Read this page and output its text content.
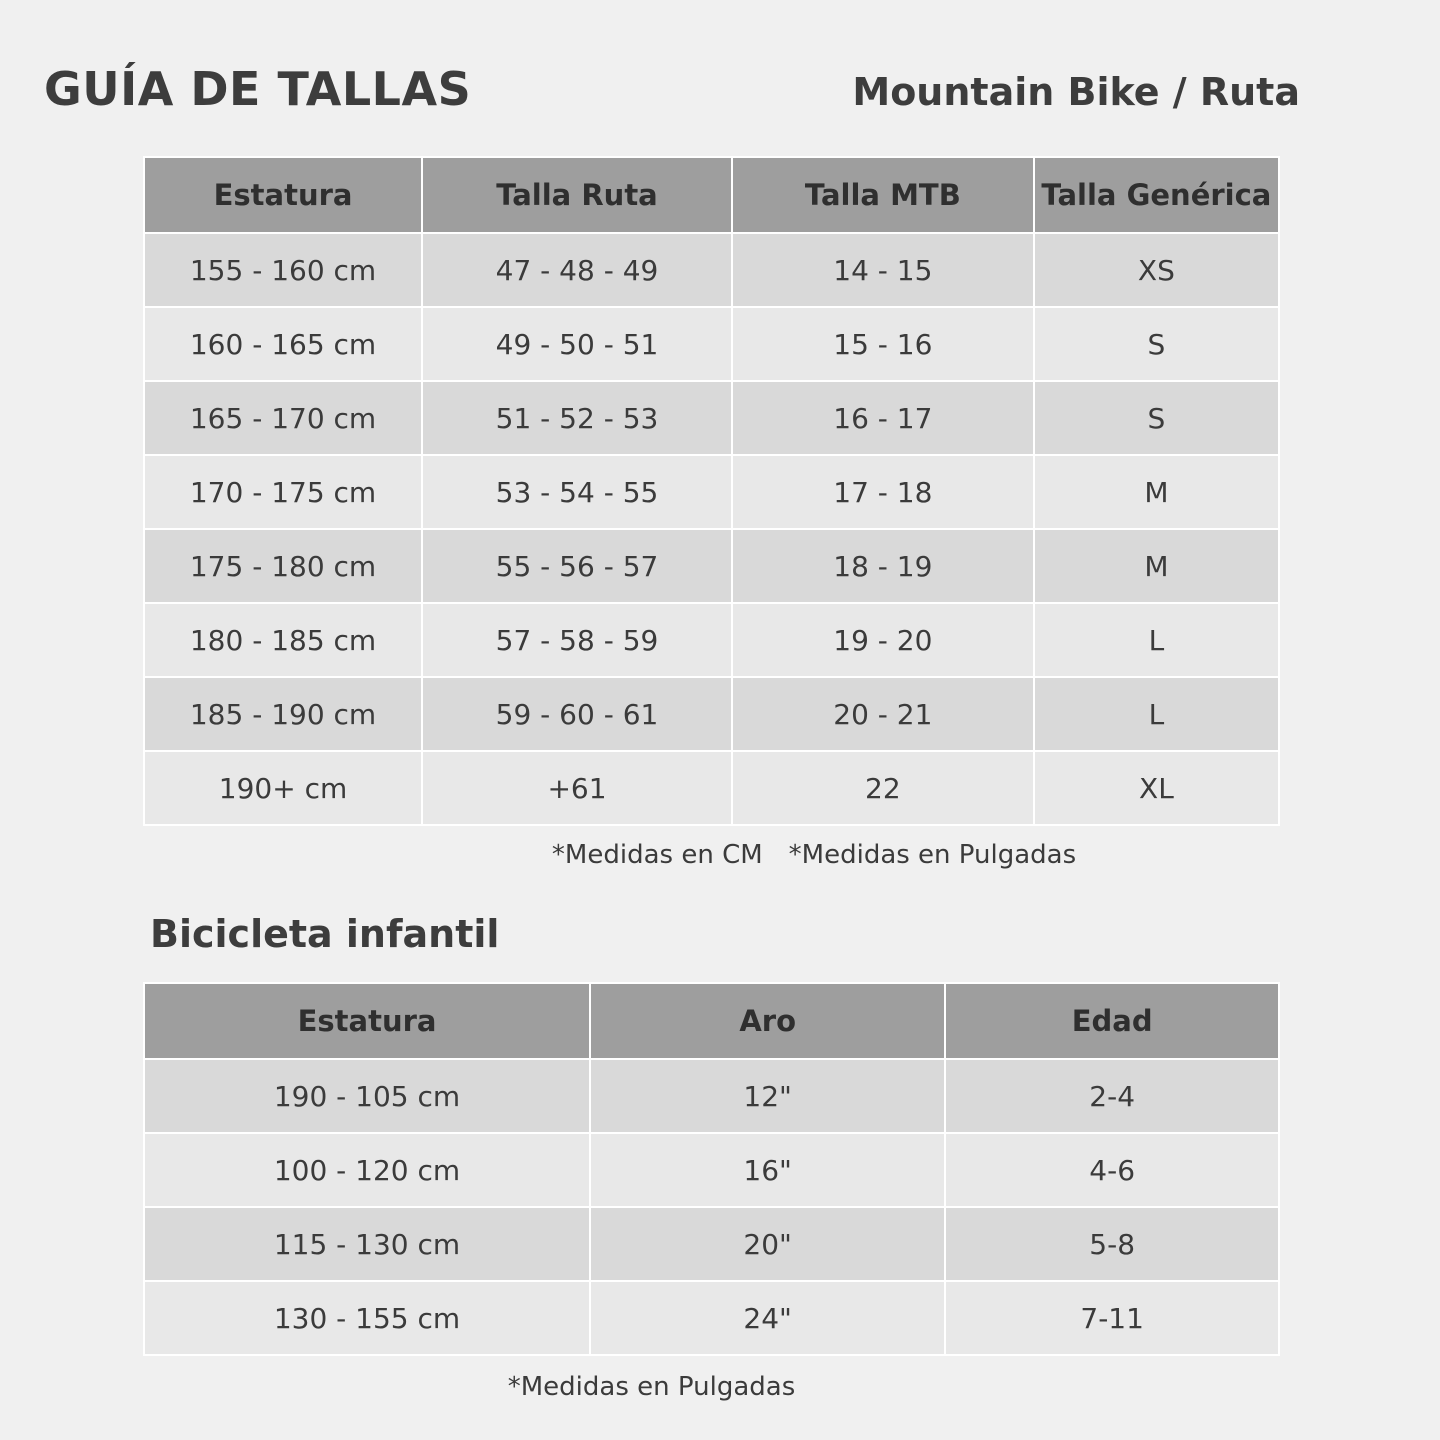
GUÍA DE TALLAS	Mountain Bike / Ruta
Estatura	Talla Ruta	Talla MTB	Talla Genérica
155 - 160 cm	47 - 48 - 49	14 - 15	XS
160 - 165 cm	49 - 50 - 51	15 - 16	S
165 - 170 cm	51 - 52 - 53	16 - 17	S
170 - 175 cm	53 - 54 - 55	17 - 18	M
175 - 180 cm	55 - 56 - 57	18 - 19	M
180 - 185 cm	57 - 58 - 59	19 - 20	L
185 - 190 cm	59 - 60 - 61	20 - 21	L
190+ cm	+61	22	XL
*Medidas en CM	*Medidas en Pulgadas
Bicicleta infantil
Estatura	Aro	Edad
190 - 105 cm	12"	2-4
100 - 120 cm	16"	4-6
115 - 130 cm	20"	5-8
130 - 155 cm	24"	7-11
*Medidas en Pulgadas
